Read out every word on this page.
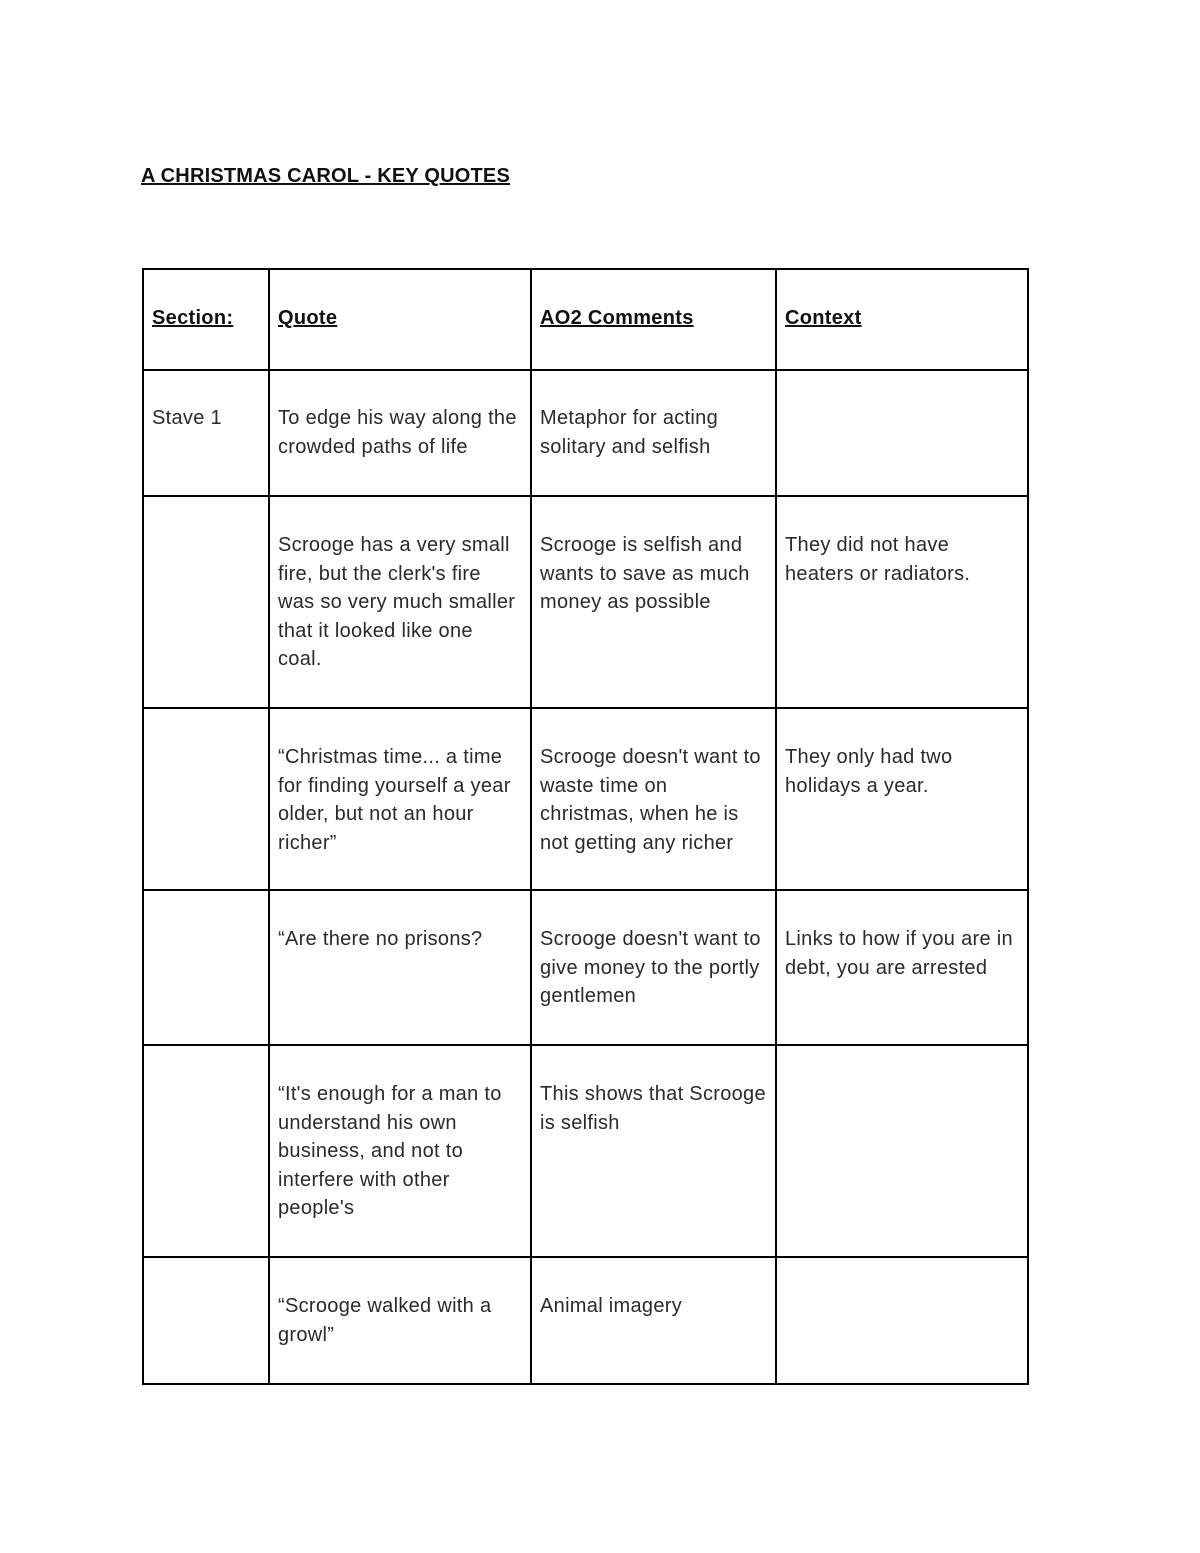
A CHRISTMAS CAROL - KEY QUOTES
Section:	Quote	AO2 Comments	Context

Stave 1	To edge his way along the crowded paths of life	Metaphor for acting solitary and selfish	

	Scrooge has a very small fire, but the clerk's fire was so very much smaller that it looked like one coal.	Scrooge is selfish and wants to save as much money as possible	They did not have heaters or radiators.

	“Christmas time... a time for finding yourself a year older, but not an hour richer”	Scrooge doesn't want to waste time on christmas, when he is not getting any richer	They only had two holidays a year.

	“Are there no prisons?	Scrooge doesn't want to give money to the portly gentlemen	Links to how if you are in debt, you are arrested

	“It's enough for a man to understand his own business, and not to interfere with other people's	This shows that Scrooge is selfish	

	“Scrooge walked with a growl”	Animal imagery	
